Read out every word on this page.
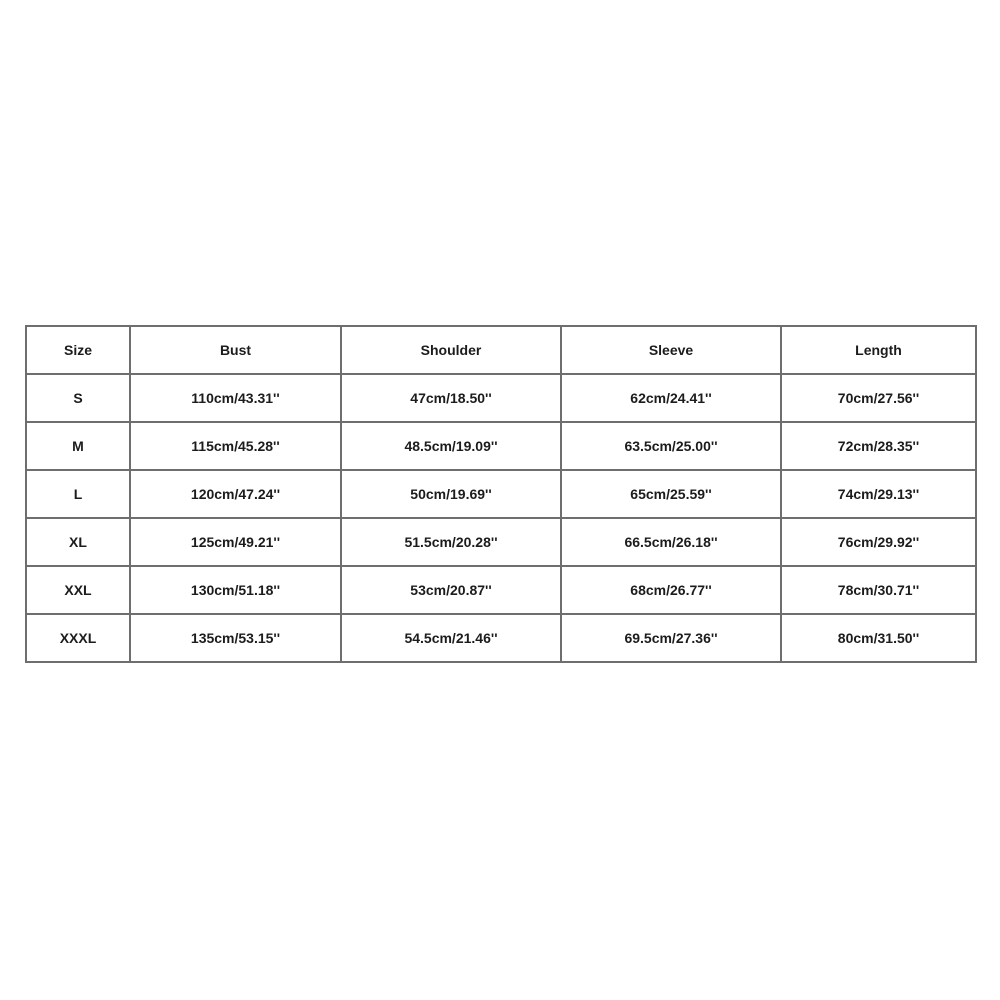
Size	Bust	Shoulder	Sleeve	Length
S	110cm/43.31''	47cm/18.50''	62cm/24.41''	70cm/27.56''
M	115cm/45.28''	48.5cm/19.09''	63.5cm/25.00''	72cm/28.35''
L	120cm/47.24''	50cm/19.69''	65cm/25.59''	74cm/29.13''
XL	125cm/49.21''	51.5cm/20.28''	66.5cm/26.18''	76cm/29.92''
XXL	130cm/51.18''	53cm/20.87''	68cm/26.77''	78cm/30.71''
XXXL	135cm/53.15''	54.5cm/21.46''	69.5cm/27.36''	80cm/31.50''
